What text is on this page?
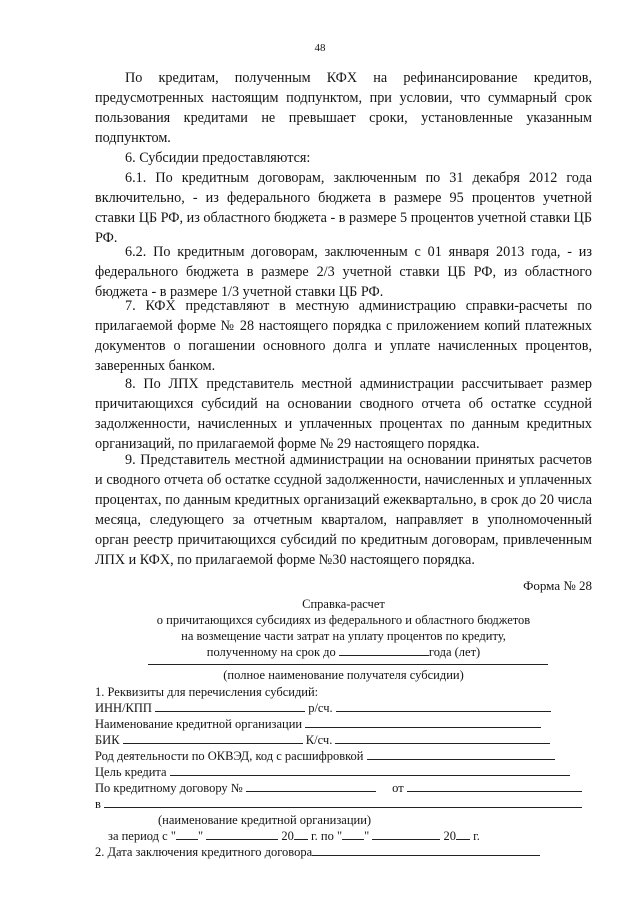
48

По кредитам, полученным КФХ на рефинансирование кредитов, предусмотренных настоящим подпунктом, при условии, что суммарный срок пользования кредитами не превышает сроки, установленные указанным подпунктом.

6. Субсидии предоставляются:

6.1. По кредитным договорам, заключенным по 31 декабря 2012 года включительно, - из федерального бюджета в размере 95 процентов учетной ставки ЦБ РФ, из областного бюджета - в размере 5 процентов учетной ставки ЦБ РФ.

6.2. По кредитным договорам, заключенным с 01 января 2013 года, - из федерального бюджета в размере 2/3 учетной ставки ЦБ РФ, из областного бюджета - в размере 1/3 учетной ставки ЦБ РФ.

7. КФХ представляют в местную администрацию справки-расчеты по прилагаемой форме № 28 настоящего порядка с приложением копий платежных документов о погашении основного долга и уплате начисленных процентов, заверенных банком.

8. По ЛПХ представитель местной администрации рассчитывает размер причитающихся субсидий на основании сводного отчета об остатке ссудной задолженности, начисленных и уплаченных процентах по данным кредитных организаций, по прилагаемой форме № 29 настоящего порядка.

9. Представитель местной администрации на основании принятых расчетов и сводного отчета об остатке ссудной задолженности, начисленных и уплаченных процентах, по данным кредитных организаций ежеквартально, в срок до 20 числа месяца, следующего за отчетным кварталом, направляет в уполномоченный орган реестр причитающихся субсидий по кредитным договорам, привлеченным ЛПХ и КФХ, по прилагаемой форме №30 настоящего порядка.

Форма № 28
Справка-расчет
о причитающихся субсидиях из федерального и областного бюджетов
на возмещение части затрат на уплату процентов по кредиту,
полученному на срок до	года (лет)
(полное наименование получателя субсидии)
1. Реквизиты для перечисления субсидий:
ИНН/КПП	р/сч.
Наименование кредитной организации
БИК	К/сч.
Род деятельности по ОКВЭД, код с расшифровкой
Цель кредита
По кредитному договору №	от
в
(наименование кредитной организации)
за период с " "	20 г. по " "	20 г.
2. Дата заключения кредитного договора
